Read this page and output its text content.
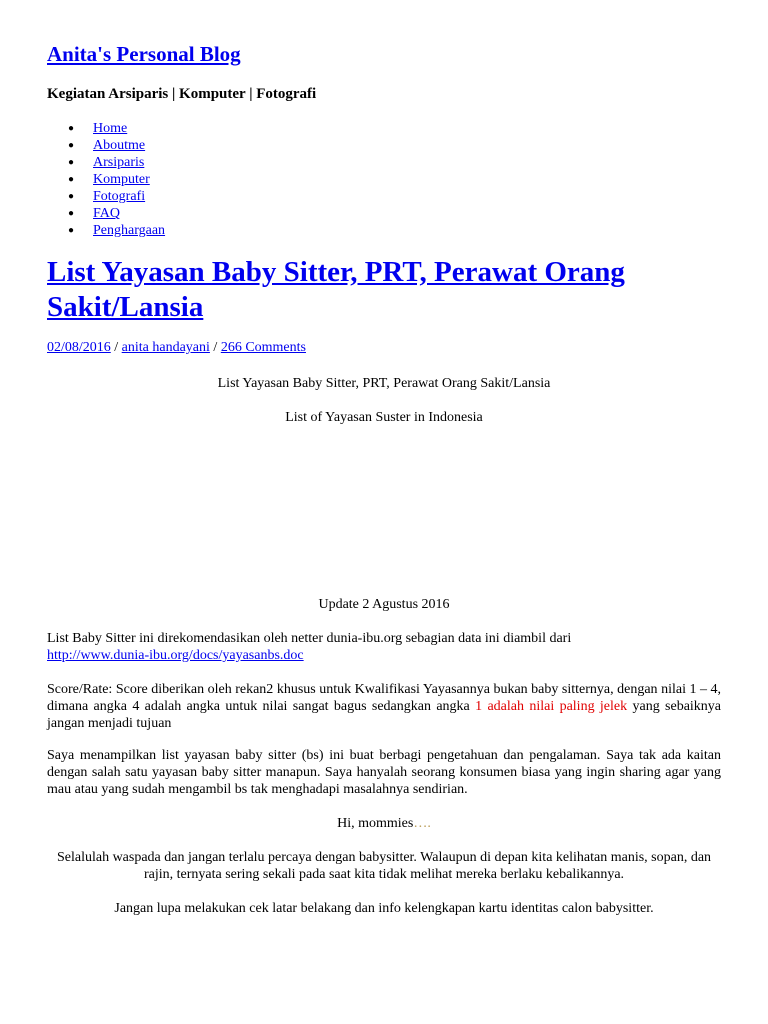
Anita's Personal Blog

Kegiatan Arsiparis | Komputer | Fotografi

● Home
● Aboutme
● Arsiparis
● Komputer
● Fotografi
● FAQ
● Penghargaan
List Yayasan Baby Sitter, PRT, Perawat Orang Sakit/Lansia

02/08/2016 / anita handayani / 266 Comments

List Yayasan Baby Sitter, PRT, Perawat Orang Sakit/Lansia

List of Yayasan Suster in Indonesia

Update 2 Agustus 2016

List Baby Sitter ini direkomendasikan oleh netter dunia-ibu.org sebagian data ini diambil dari
http://www.dunia-ibu.org/docs/yayasanbs.doc

Score/Rate: Score diberikan oleh rekan2 khusus untuk Kwalifikasi Yayasannya bukan baby sitternya, dengan nilai 1 – 4, dimana angka 4 adalah angka untuk nilai sangat bagus sedangkan angka 1 adalah nilai paling jelek yang sebaiknya jangan menjadi tujuan

Saya menampilkan list yayasan baby sitter (bs) ini buat berbagi pengetahuan dan pengalaman. Saya tak ada kaitan dengan salah satu yayasan baby sitter manapun. Saya hanyalah seorang konsumen biasa yang ingin sharing agar yang mau atau yang sudah mengambil bs tak menghadapi masalahnya sendirian.

Hi, mommies….

Selalulah waspada dan jangan terlalu percaya dengan babysitter. Walaupun di depan kita kelihatan manis, sopan, dan rajin, ternyata sering sekali pada saat kita tidak melihat mereka berlaku kebalikannya.

Jangan lupa melakukan cek latar belakang dan info kelengkapan kartu identitas calon babysitter.
